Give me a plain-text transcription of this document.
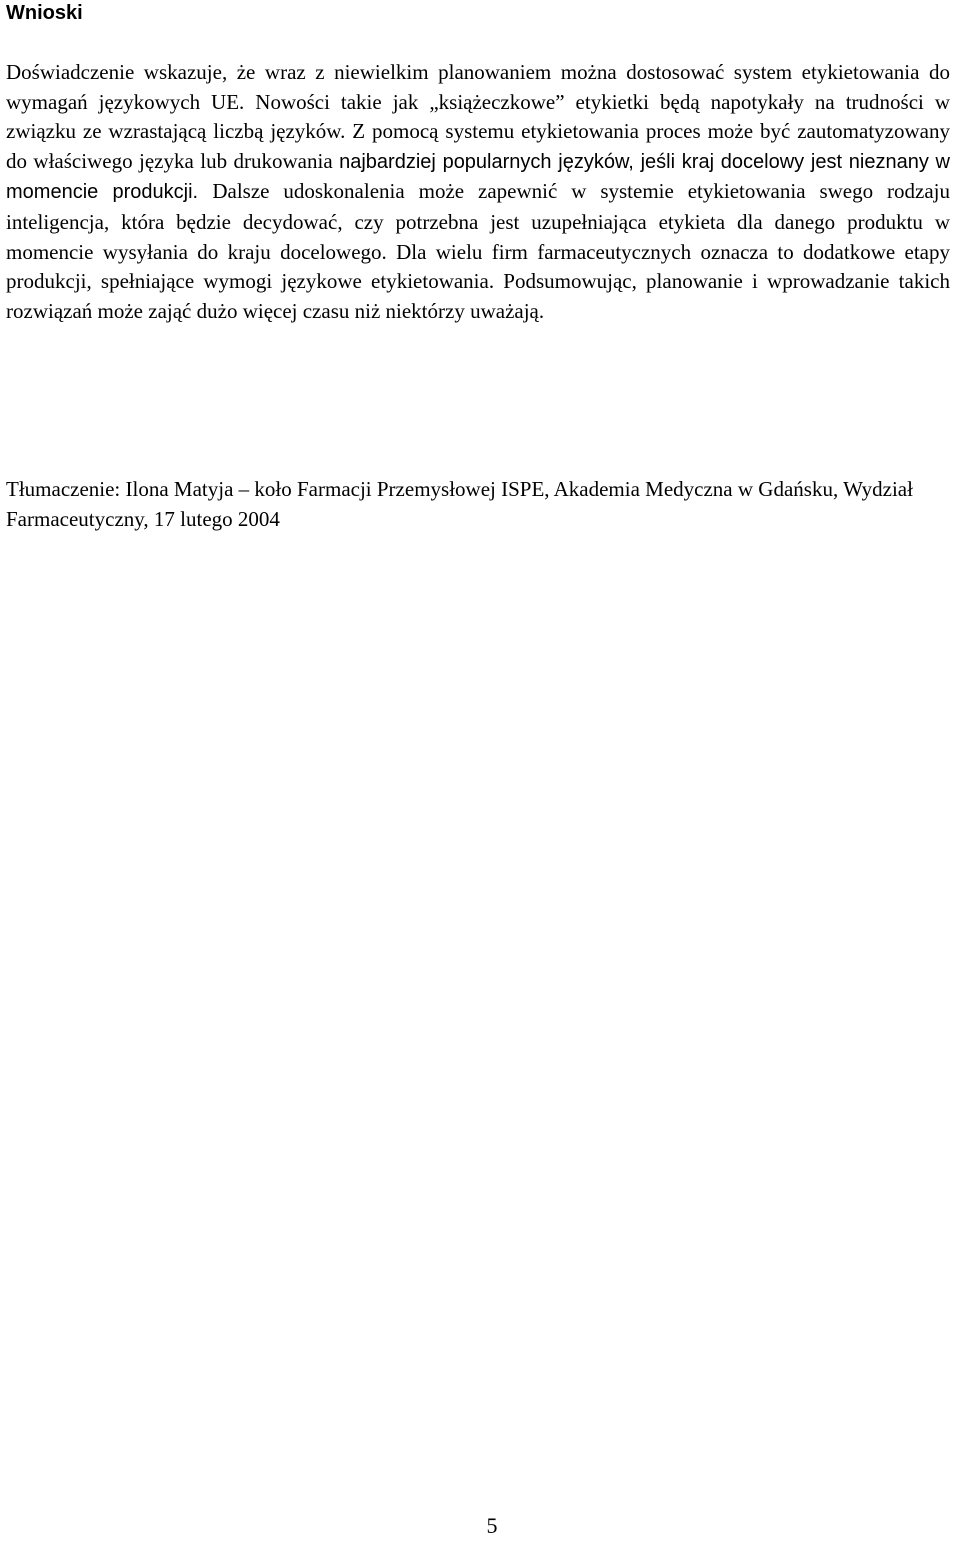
Wnioski

Doświadczenie wskazuje, że wraz z niewielkim planowaniem można dostosować system etykietowania do wymagań językowych UE. Nowości takie jak „książeczkowe” etykietki będą napotykały na trudności w związku ze wzrastającą liczbą języków. Z pomocą systemu etykietowania proces może być zautomatyzowany do właściwego języka lub drukowania najbardziej popularnych języków, jeśli kraj docelowy jest nieznany w momencie produkcji. Dalsze udoskonalenia może zapewnić w systemie etykietowania swego rodzaju inteligencja, która będzie decydować, czy potrzebna jest uzupełniająca etykieta dla danego produktu w momencie wysyłania do kraju docelowego. Dla wielu firm farmaceutycznych oznacza to dodatkowe etapy produkcji, spełniające wymogi językowe etykietowania. Podsumowując, planowanie i wprowadzanie takich rozwiązań może zająć dużo więcej czasu niż niektórzy uważają.

Tłumaczenie: Ilona Matyja – koło Farmacji Przemysłowej ISPE, Akademia Medyczna w Gdańsku, Wydział Farmaceutyczny, 17 lutego 2004

5
